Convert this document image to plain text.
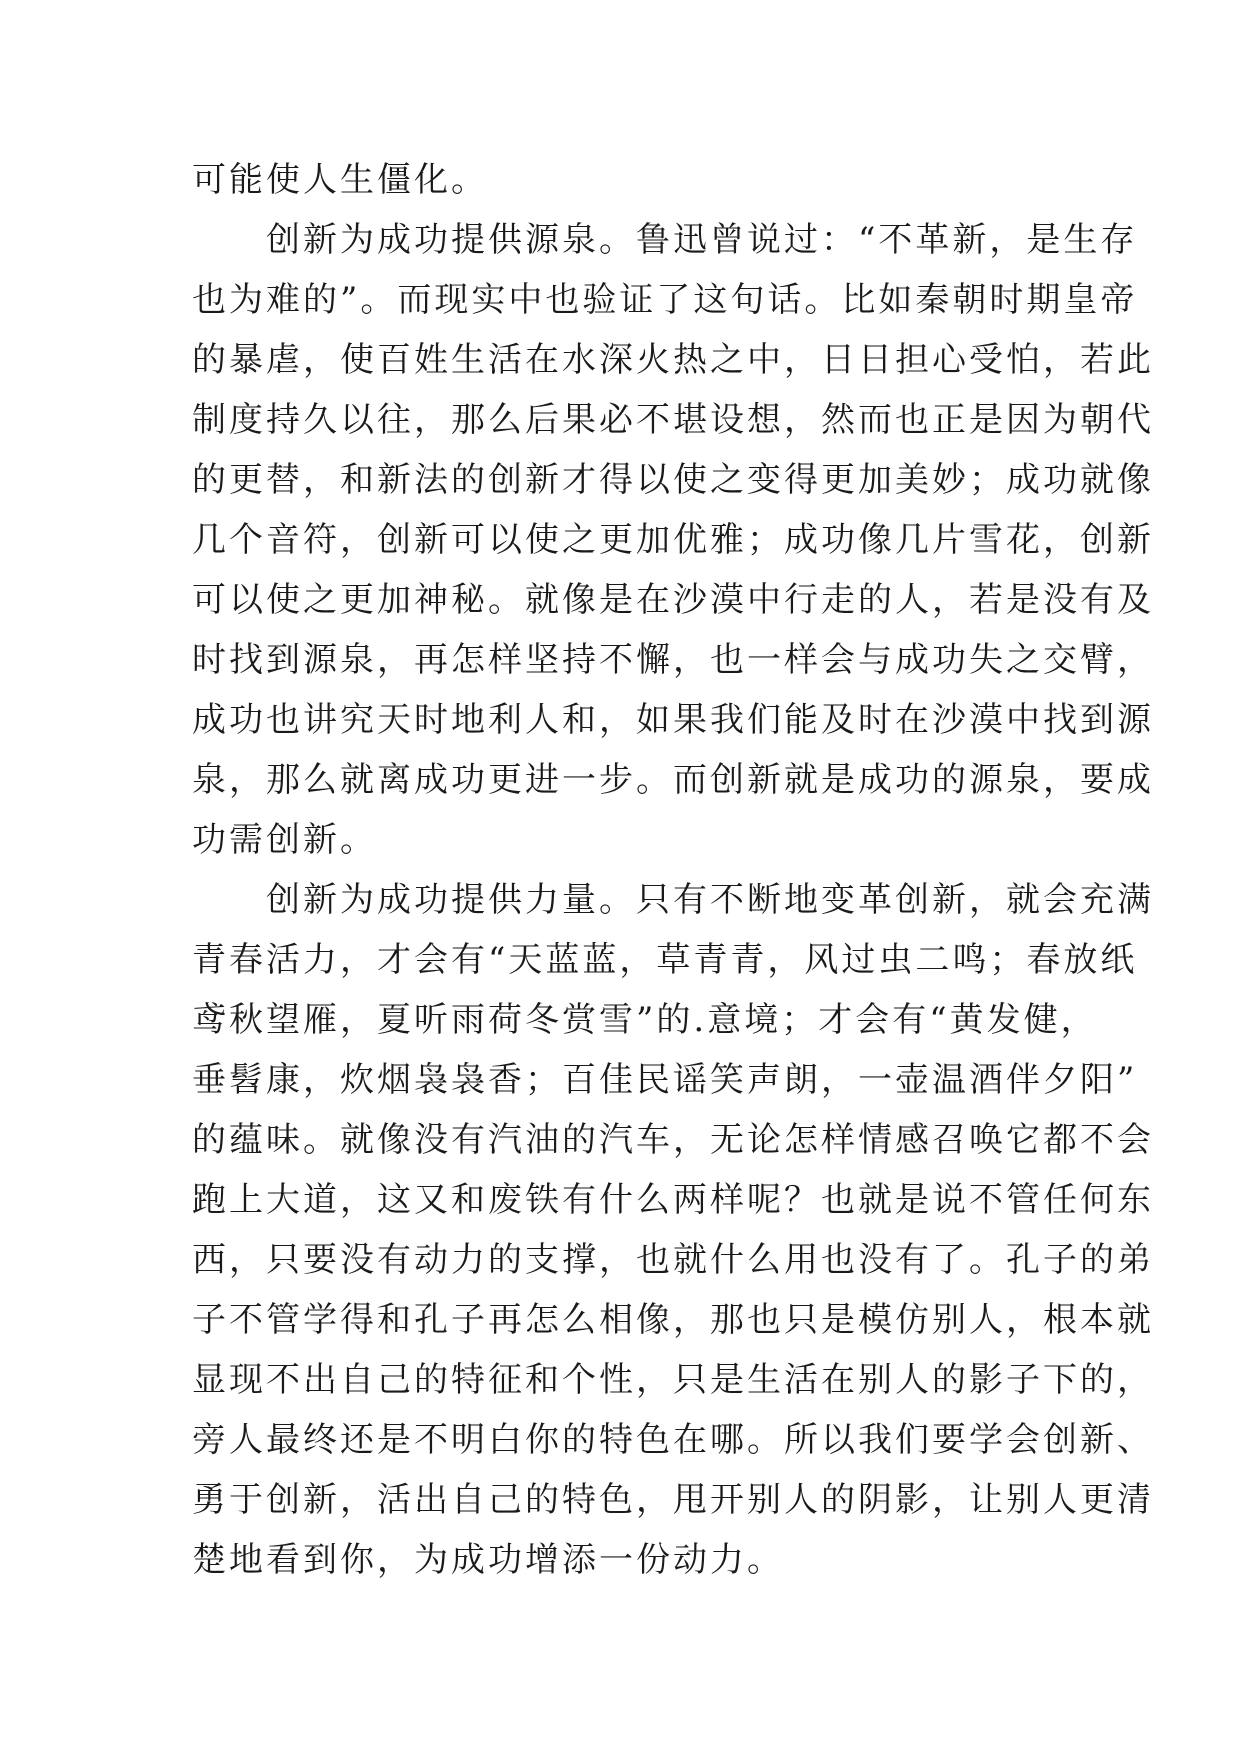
可能使人生僵化。
　　创新为成功提供源泉。鲁迅曾说过：“不革新，是生存
也为难的”。而现实中也验证了这句话。比如秦朝时期皇帝
的暴虐，使百姓生活在水深火热之中，日日担心受怕，若此
制度持久以往，那么后果必不堪设想，然而也正是因为朝代
的更替，和新法的创新才得以使之变得更加美妙；成功就像
几个音符，创新可以使之更加优雅；成功像几片雪花，创新
可以使之更加神秘。就像是在沙漠中行走的人，若是没有及
时找到源泉，再怎样坚持不懈，也一样会与成功失之交臂，
成功也讲究天时地利人和，如果我们能及时在沙漠中找到源
泉，那么就离成功更进一步。而创新就是成功的源泉，要成
功需创新。
　　创新为成功提供力量。只有不断地变革创新，就会充满
青春活力，才会有“天蓝蓝，草青青，风过虫二鸣；春放纸
鸢秋望雁，夏听雨荷冬赏雪”的.意境；才会有“黄发健，
垂髫康，炊烟袅袅香；百佳民谣笑声朗，一壶温酒伴夕阳”
的蕴味。就像没有汽油的汽车，无论怎样情感召唤它都不会
跑上大道，这又和废铁有什么两样呢？也就是说不管任何东
西，只要没有动力的支撑，也就什么用也没有了。孔子的弟
子不管学得和孔子再怎么相像，那也只是模仿别人，根本就
显现不出自己的特征和个性，只是生活在别人的影子下的，
旁人最终还是不明白你的特色在哪。所以我们要学会创新、
勇于创新，活出自己的特色，甩开别人的阴影，让别人更清
楚地看到你，为成功增添一份动力。
